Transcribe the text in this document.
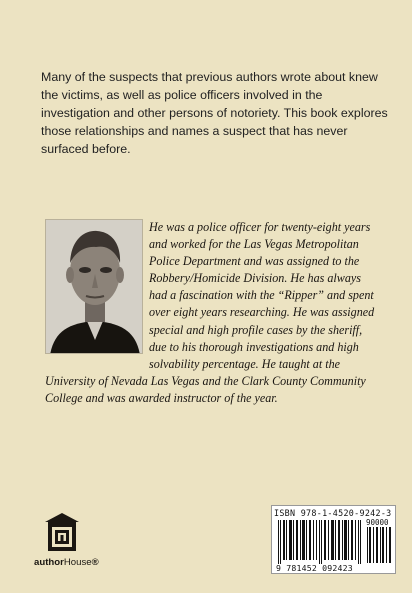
Many of the suspects that previous authors wrote about knew the victims, as well as police officers involved in the investigation and other persons of notoriety. This book explores those relationships and names a suspect that has never surfaced before.

He was a police officer for twenty-eight years and worked for the Las Vegas Metropolitan Police Department and was assigned to the Robbery/Homicide Division. He has always had a fascination with the “Ripper” and spent over eight years researching. He was assigned special and high profile cases by the sheriff, due to his thorough investigations and high solvability percentage. He taught at the University of Nevada Las Vegas and the Clark County Community College and was awarded instructor of the year.
authorHouse®
ISBN 978-1-4520-9242-3
90000
9 781452 092423
